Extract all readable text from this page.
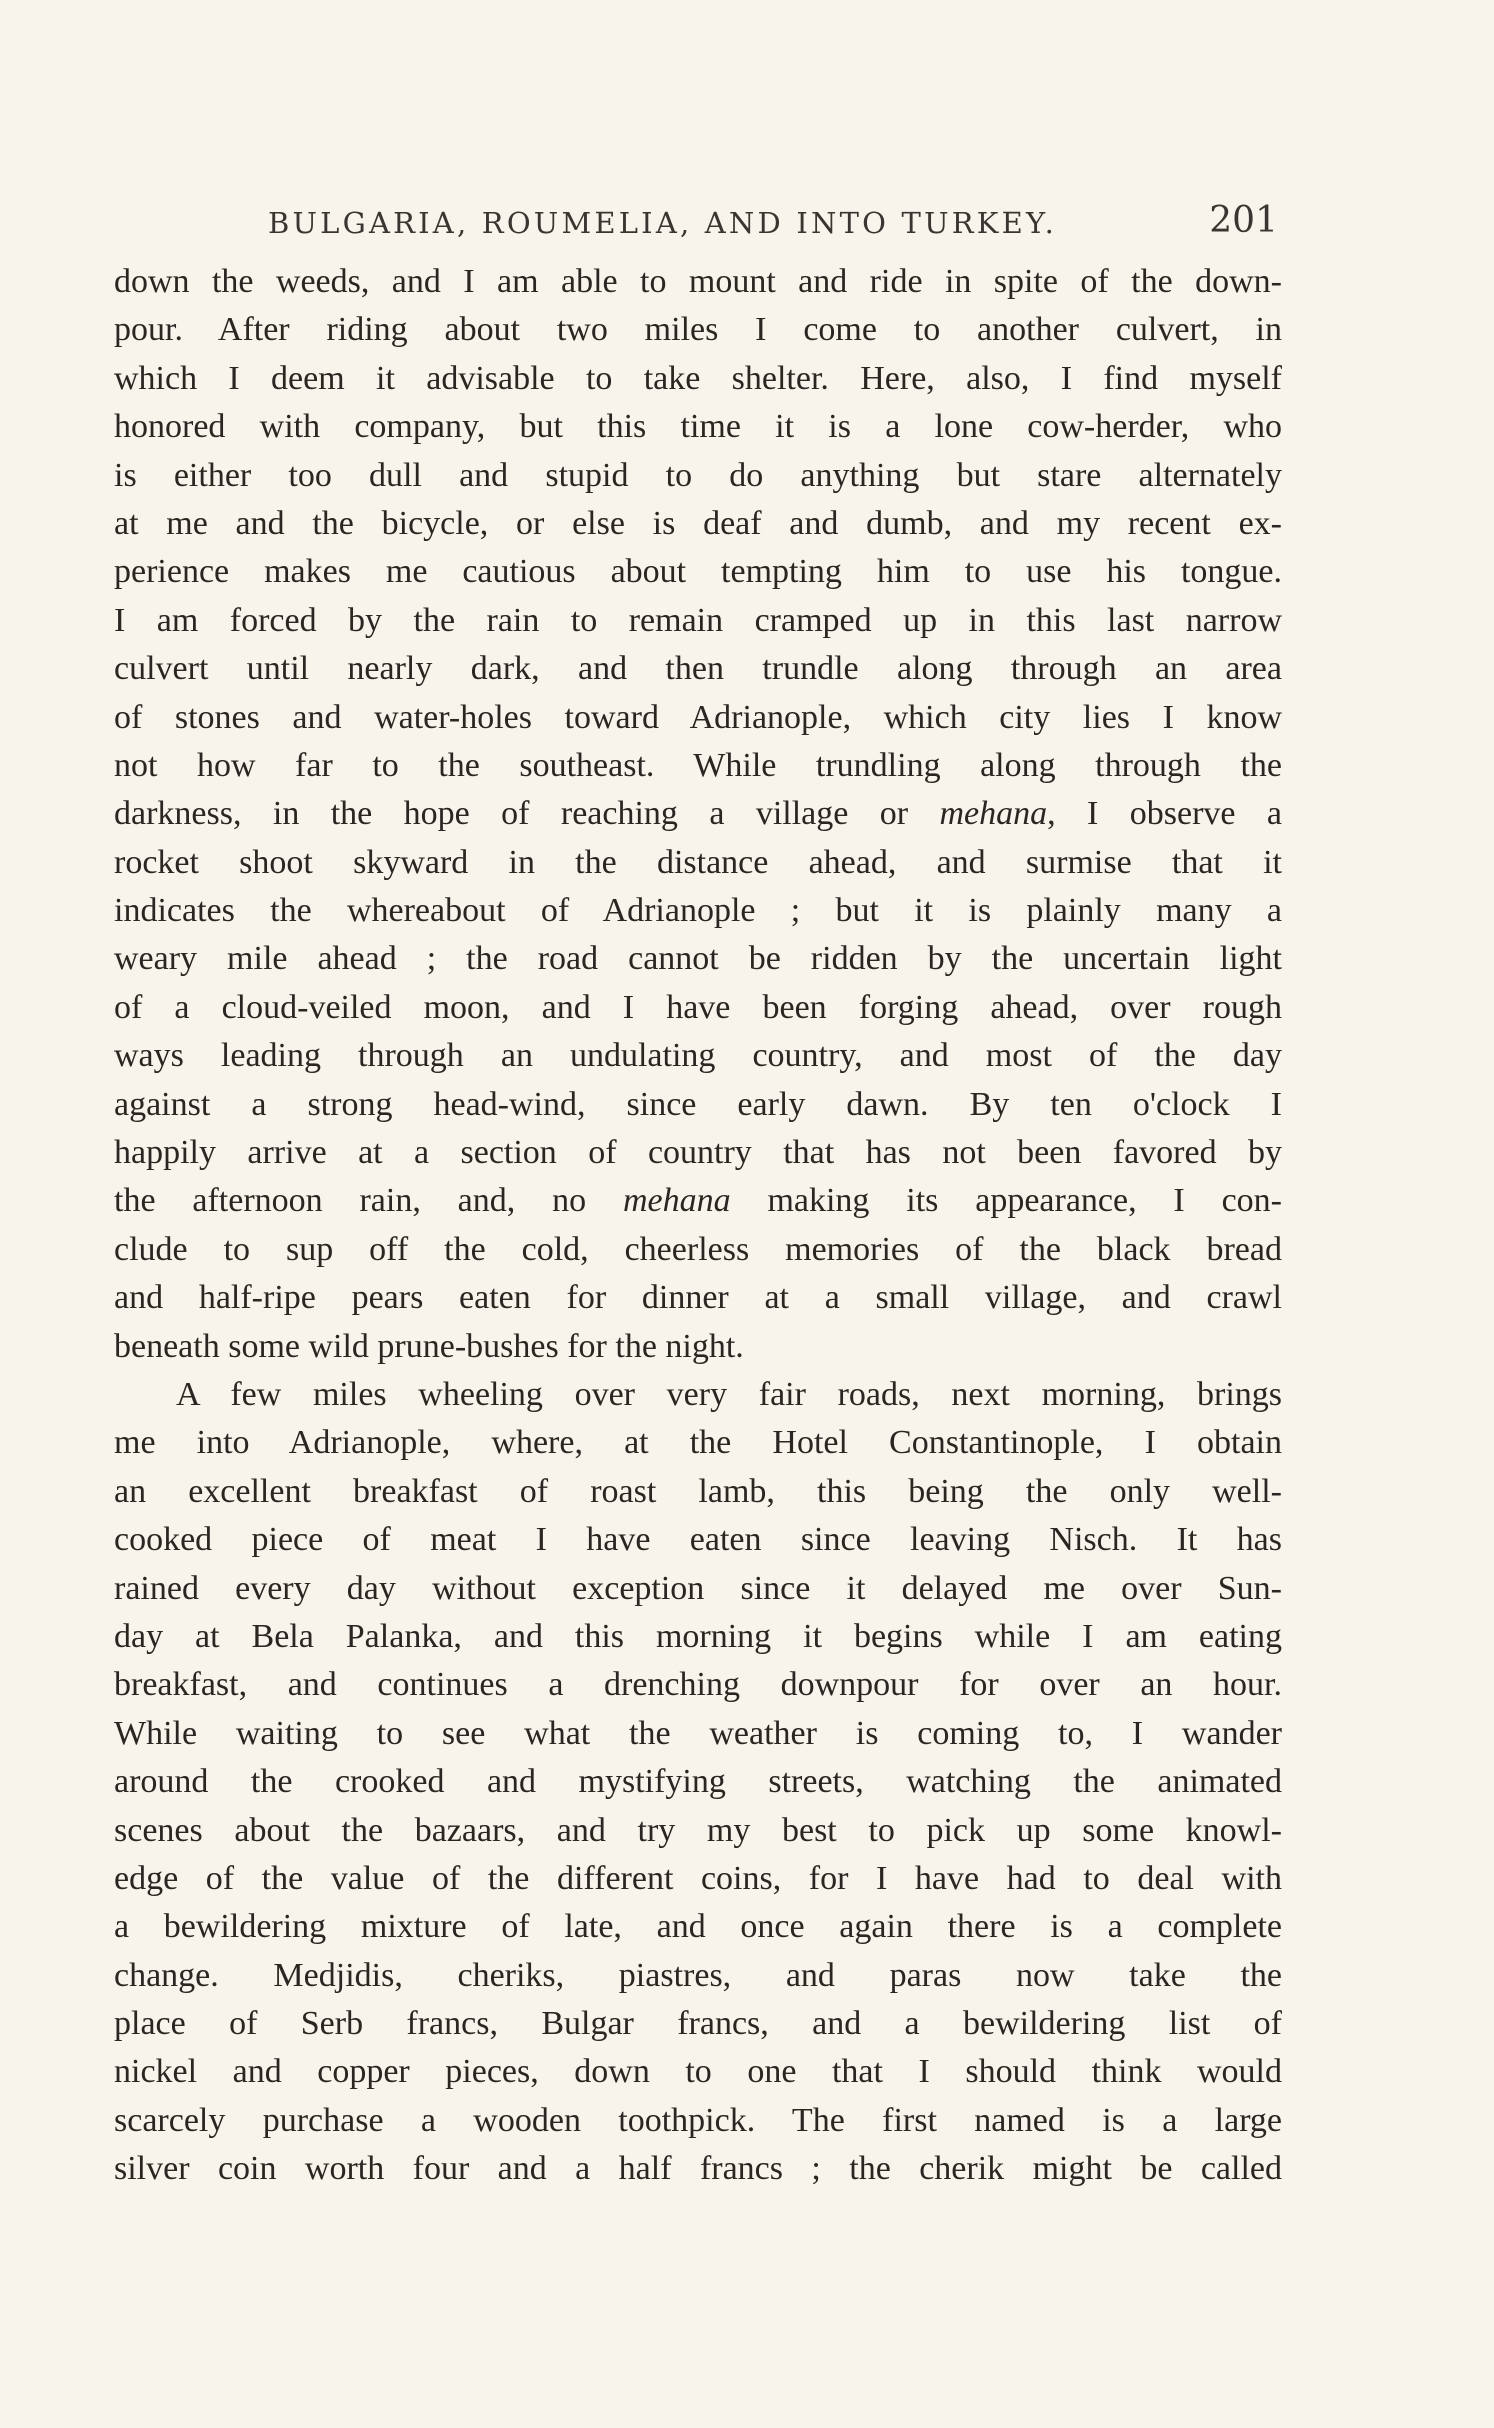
BULGARIA, ROUMELIA, AND INTO TURKEY.	201
down the weeds, and I am able to mount and ride in spite of the down-
pour. After riding about two miles I come to another culvert, in
which I deem it advisable to take shelter. Here, also, I find myself
honored with company, but this time it is a lone cow-herder, who
is either too dull and stupid to do anything but stare alternately
at me and the bicycle, or else is deaf and dumb, and my recent ex-
perience makes me cautious about tempting him to use his tongue.
I am forced by the rain to remain cramped up in this last narrow
culvert until nearly dark, and then trundle along through an area
of stones and water-holes toward Adrianople, which city lies I know
not how far to the southeast. While trundling along through the
darkness, in the hope of reaching a village or mehana, I observe a
rocket shoot skyward in the distance ahead, and surmise that it
indicates the whereabout of Adrianople ; but it is plainly many a
weary mile ahead ; the road cannot be ridden by the uncertain light
of a cloud-veiled moon, and I have been forging ahead, over rough
ways leading through an undulating country, and most of the day
against a strong head-wind, since early dawn. By ten o'clock I
happily arrive at a section of country that has not been favored by
the afternoon rain, and, no mehana making its appearance, I con-
clude to sup off the cold, cheerless memories of the black bread
and half-ripe pears eaten for dinner at a small village, and crawl
beneath some wild prune-bushes for the night.
A few miles wheeling over very fair roads, next morning, brings
me into Adrianople, where, at the Hotel Constantinople, I obtain
an excellent breakfast of roast lamb, this being the only well-
cooked piece of meat I have eaten since leaving Nisch. It has
rained every day without exception since it delayed me over Sun-
day at Bela Palanka, and this morning it begins while I am eating
breakfast, and continues a drenching downpour for over an hour.
While waiting to see what the weather is coming to, I wander
around the crooked and mystifying streets, watching the animated
scenes about the bazaars, and try my best to pick up some knowl-
edge of the value of the different coins, for I have had to deal with
a bewildering mixture of late, and once again there is a complete
change. Medjidis, cheriks, piastres, and paras now take the
place of Serb francs, Bulgar francs, and a bewildering list of
nickel and copper pieces, down to one that I should think would
scarcely purchase a wooden toothpick. The first named is a large
silver coin worth four and a half francs ; the cherik might be called
